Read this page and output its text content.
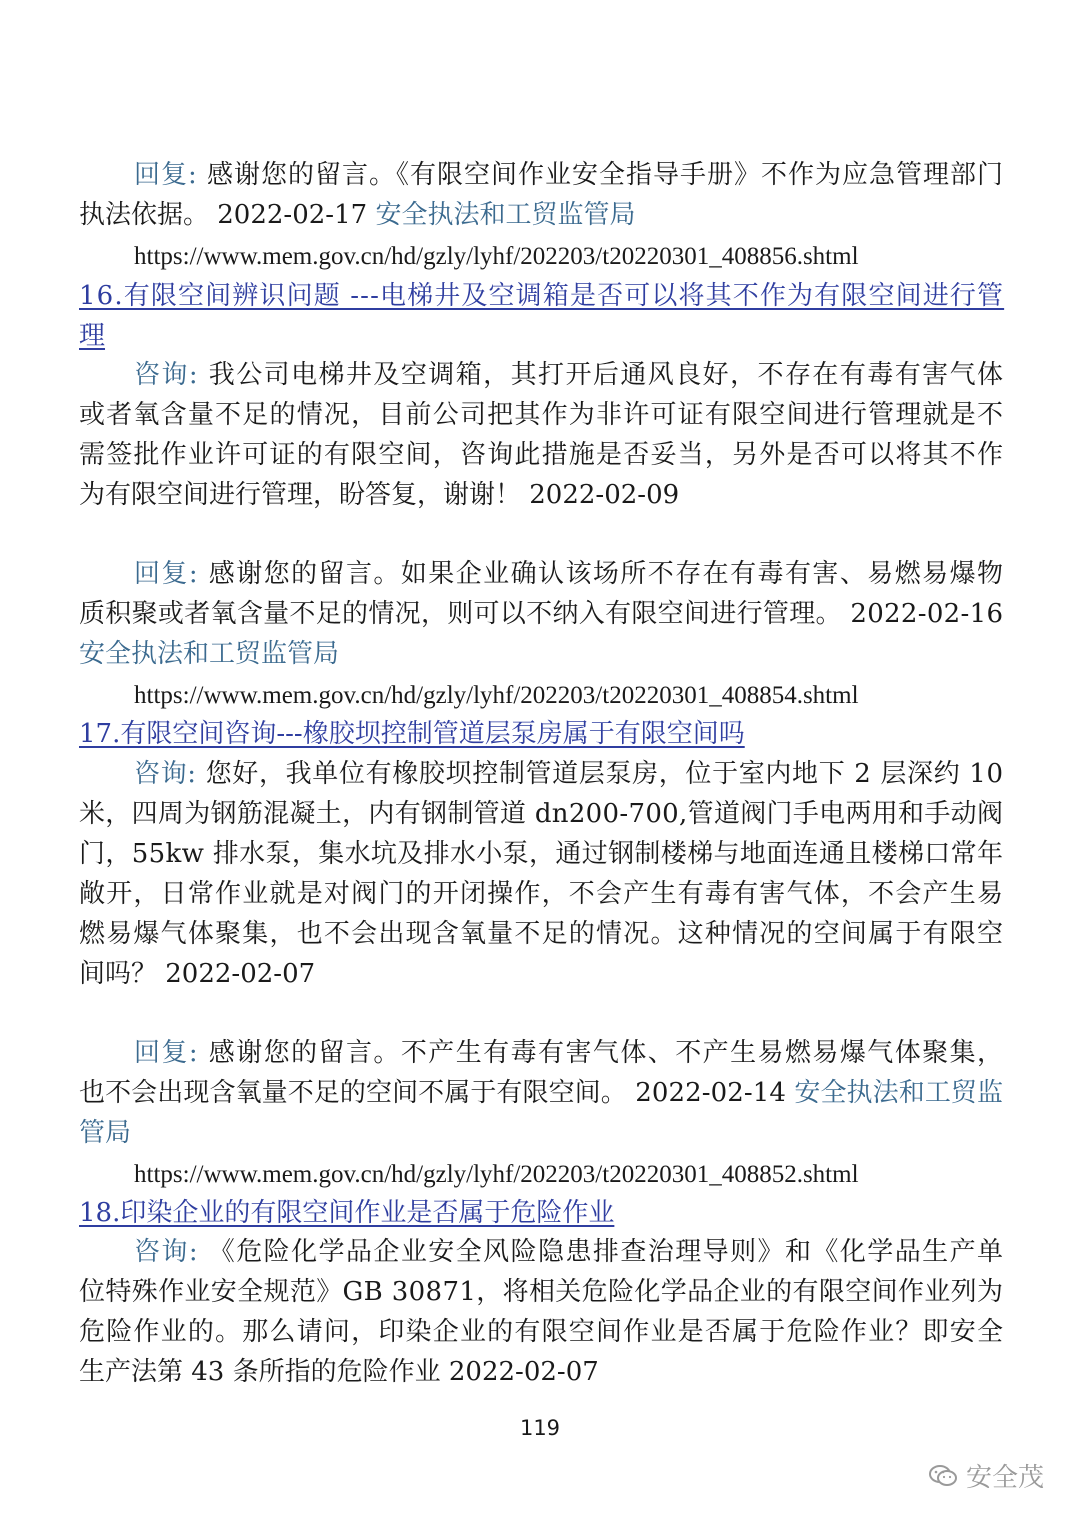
回复: 感谢您的留言。《有限空间作业安全指导手册》不作为应急管理部门
执法依据。 2022-02-17 安全执法和工贸监管局
https://www.mem.gov.cn/hd/gzly/lyhf/202203/t20220301_408856.shtml
16.有限空间辨识问题 ---电梯井及空调箱是否可以将其不作为有限空间进行管
理
咨询: 我公司电梯井及空调箱，其打开后通风良好，不存在有毒有害气体
或者氧含量不足的情况，目前公司把其作为非许可证有限空间进行管理就是不
需签批作业许可证的有限空间，咨询此措施是否妥当，另外是否可以将其不作
为有限空间进行管理，盼答复，谢谢！ 2022-02-09
回复: 感谢您的留言。如果企业确认该场所不存在有毒有害、易燃易爆物
质积聚或者氧含量不足的情况，则可以不纳入有限空间进行管理。 2022-02-16
安全执法和工贸监管局
https://www.mem.gov.cn/hd/gzly/lyhf/202203/t20220301_408854.shtml
17.有限空间咨询---橡胶坝控制管道层泵房属于有限空间吗
咨询: 您好，我单位有橡胶坝控制管道层泵房，位于室内地下 2 层深约 10
米，四周为钢筋混凝土，内有钢制管道 dn200-700,管道阀门手电两用和手动阀
门，55kw 排水泵，集水坑及排水小泵，通过钢制楼梯与地面连通且楼梯口常年
敞开，日常作业就是对阀门的开闭操作，不会产生有毒有害气体，不会产生易
燃易爆气体聚集，也不会出现含氧量不足的情况。这种情况的空间属于有限空
间吗？ 2022-02-07
回复: 感谢您的留言。不产生有毒有害气体、不产生易燃易爆气体聚集，
也不会出现含氧量不足的空间不属于有限空间。 2022-02-14 安全执法和工贸监
管局
https://www.mem.gov.cn/hd/gzly/lyhf/202203/t20220301_408852.shtml
18.印染企业的有限空间作业是否属于危险作业
咨询: 《危险化学品企业安全风险隐患排查治理导则》和《化学品生产单
位特殊作业安全规范》GB 30871，将相关危险化学品企业的有限空间作业列为
危险作业的。那么请问，印染企业的有限空间作业是否属于危险作业？即安全
生产法第 43 条所指的危险作业 2022-02-07
119
安全茂
